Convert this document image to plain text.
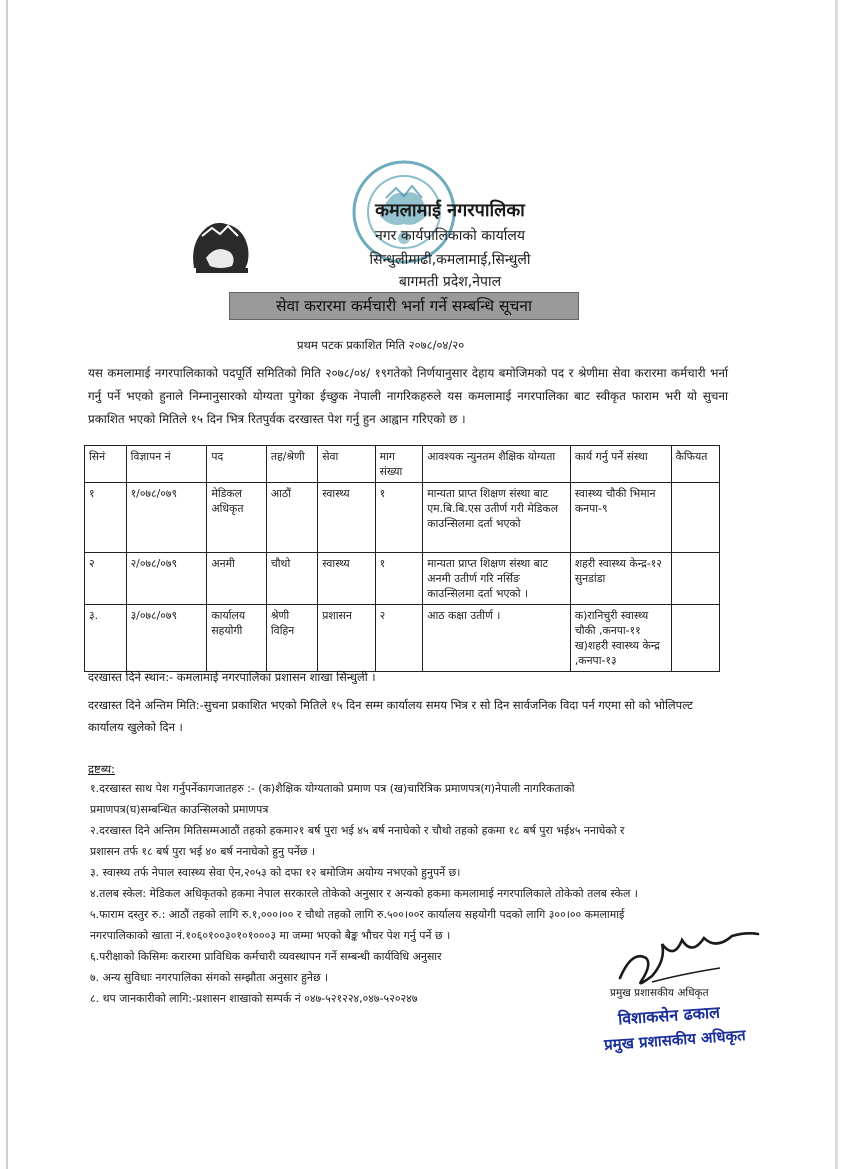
कमलामाई नगरपालिका
नगर कार्यपालिकाको कार्यालय
सिन्धुलीमाढी,कमलामाई,सिन्धुली
बागमती प्रदेश,नेपाल
सेवा करारमा कर्मचारी भर्ना गर्ने सम्बन्धि सूचना
प्रथम पटक प्रकाशित मिति २०७८/०४/२०
यस कमलामाई नगरपालिकाको पदपूर्ति समितिको मिति २०७८/०४/ १९गतेको निर्णयानुसार देहाय बमोजिमको पद र श्रेणीमा सेवा करारमा कर्मचारी भर्ना गर्नु पर्ने भएको हुनाले निम्नानुसारको योग्यता पुगेका ईच्छुक नेपाली नागरिकहरुले यस कमलामाई नगरपालिका बाट स्वीकृत फाराम भरी यो सुचना प्रकाशित भएको मितिले १५ दिन भित्र रितपुर्वक दरखास्त पेश गर्नु हुन आह्वान गरिएको छ ।
सिनं	विज्ञापन नं	पद	तह/श्रेणी	सेवा	माग संख्या	आवश्यक न्युनतम शैक्षिक योग्यता	कार्य गर्नु पर्ने संस्था	कैफियत
१	१/०७८/०७९	मेडिकल अधिकृत	आठौं	स्वास्थ्य	१	मान्यता प्राप्त शिक्षण संस्था बाट एम.बि.बि.एस उतीर्ण गरी मेडिकल काउन्सिलमा दर्ता भएको	स्वास्थ्य चौकी भिमान कनपा-९	
२	२/०७८/०७९	अनमी	चौथो	स्वास्थ्य	१	मान्यता प्राप्त शिक्षण संस्था बाट अनमी उतीर्ण गरि नर्सिङ काउन्सिलमा दर्ता भएको ।	शहरी स्वास्थ्य केन्द्र-१२ सुनडांडा	
३.	३/०७८/०७९	कार्यालय सहयोगी	श्रेणी विहिन	प्रशासन	२	आठ कक्षा उतीर्ण ।	क)रानिचुरी स्वास्थ्य चौकी ,कनपा-११ ख)शहरी स्वास्थ्य केन्द्र ,कनपा-१३	
दरखास्त दिने स्थान:- कमलामाई नगरपालिका प्रशासन शाखा सिन्धुली ।
दरखास्त दिने अन्तिम मिति:-सुचना प्रकाशित भएको मितिले १५ दिन सम्म कार्यालय समय भित्र र सो दिन सार्वजनिक विदा पर्न गएमा सो को भोलिपल्ट कार्यालय खुलेको दिन ।
द्रष्टब्य:
१.दरखास्त साथ पेश गर्नुपर्नेकागजातहरु :- (क)शैक्षिक योग्यताको प्रमाण पत्र (ख)चारित्रिक प्रमाणपत्र(ग)नेपाली नागरिकताको
प्रमाणपत्र(घ)सम्बन्धित काउन्सिलको प्रमाणपत्र
२.दरखास्त दिने अन्तिम मितिसम्मआठौं तहको हकमा२१ बर्ष पुरा भई ४५ बर्ष ननाघेको र चौथो तहको हकमा १८ बर्ष पुरा भई४५ ननाघेको र
प्रशासन तर्फ १८ बर्ष पुरा भई ४० बर्ष ननाघेको हुनु पर्नेछ ।
३. स्वास्थ्य तर्फ नेपाल स्वास्थ्य सेवा ऐन,२०५३ को दफा १२ बमोजिम अयोग्य नभएको हुनुपर्ने छ।
४.तलब स्केल: मेडिकल अधिकृतको हकमा नेपाल सरकारले तोकेको अनुसार र अन्यको हकमा कमलामाई नगरपालिकाले तोकेको तलब स्केल ।
५.फाराम दस्तुर रु.: आठौं तहको लागि रु.१,०००।०० र चौथो तहको लागि रु.५००।००र कार्यालय सहयोगी पदको लागि ३००।०० कमलामाई
नगरपालिकाको खाता नं.१०६०१००३०१०१०००३ मा जम्मा भएको बैङ्क भौचर पेश गर्नु पर्ने छ ।
६.परीक्षाको किसिमः करारमा प्राविधिक कर्मचारी व्यवस्थापन गर्ने सम्बन्धी कार्यविधि अनुसार
७. अन्य सुविधाः नगरपालिका संगको सम्झौता अनुसार हुनेछ ।
८. थप जानकारीको लागि:-प्रशासन शाखाको सम्पर्क नं ०४७-५२१२२४,०४७-५२०२४७	प्रमुख प्रशासकीय अधिकृत
विशाकसेन ढकाल
प्रमुख प्रशासकीय अधिकृत
